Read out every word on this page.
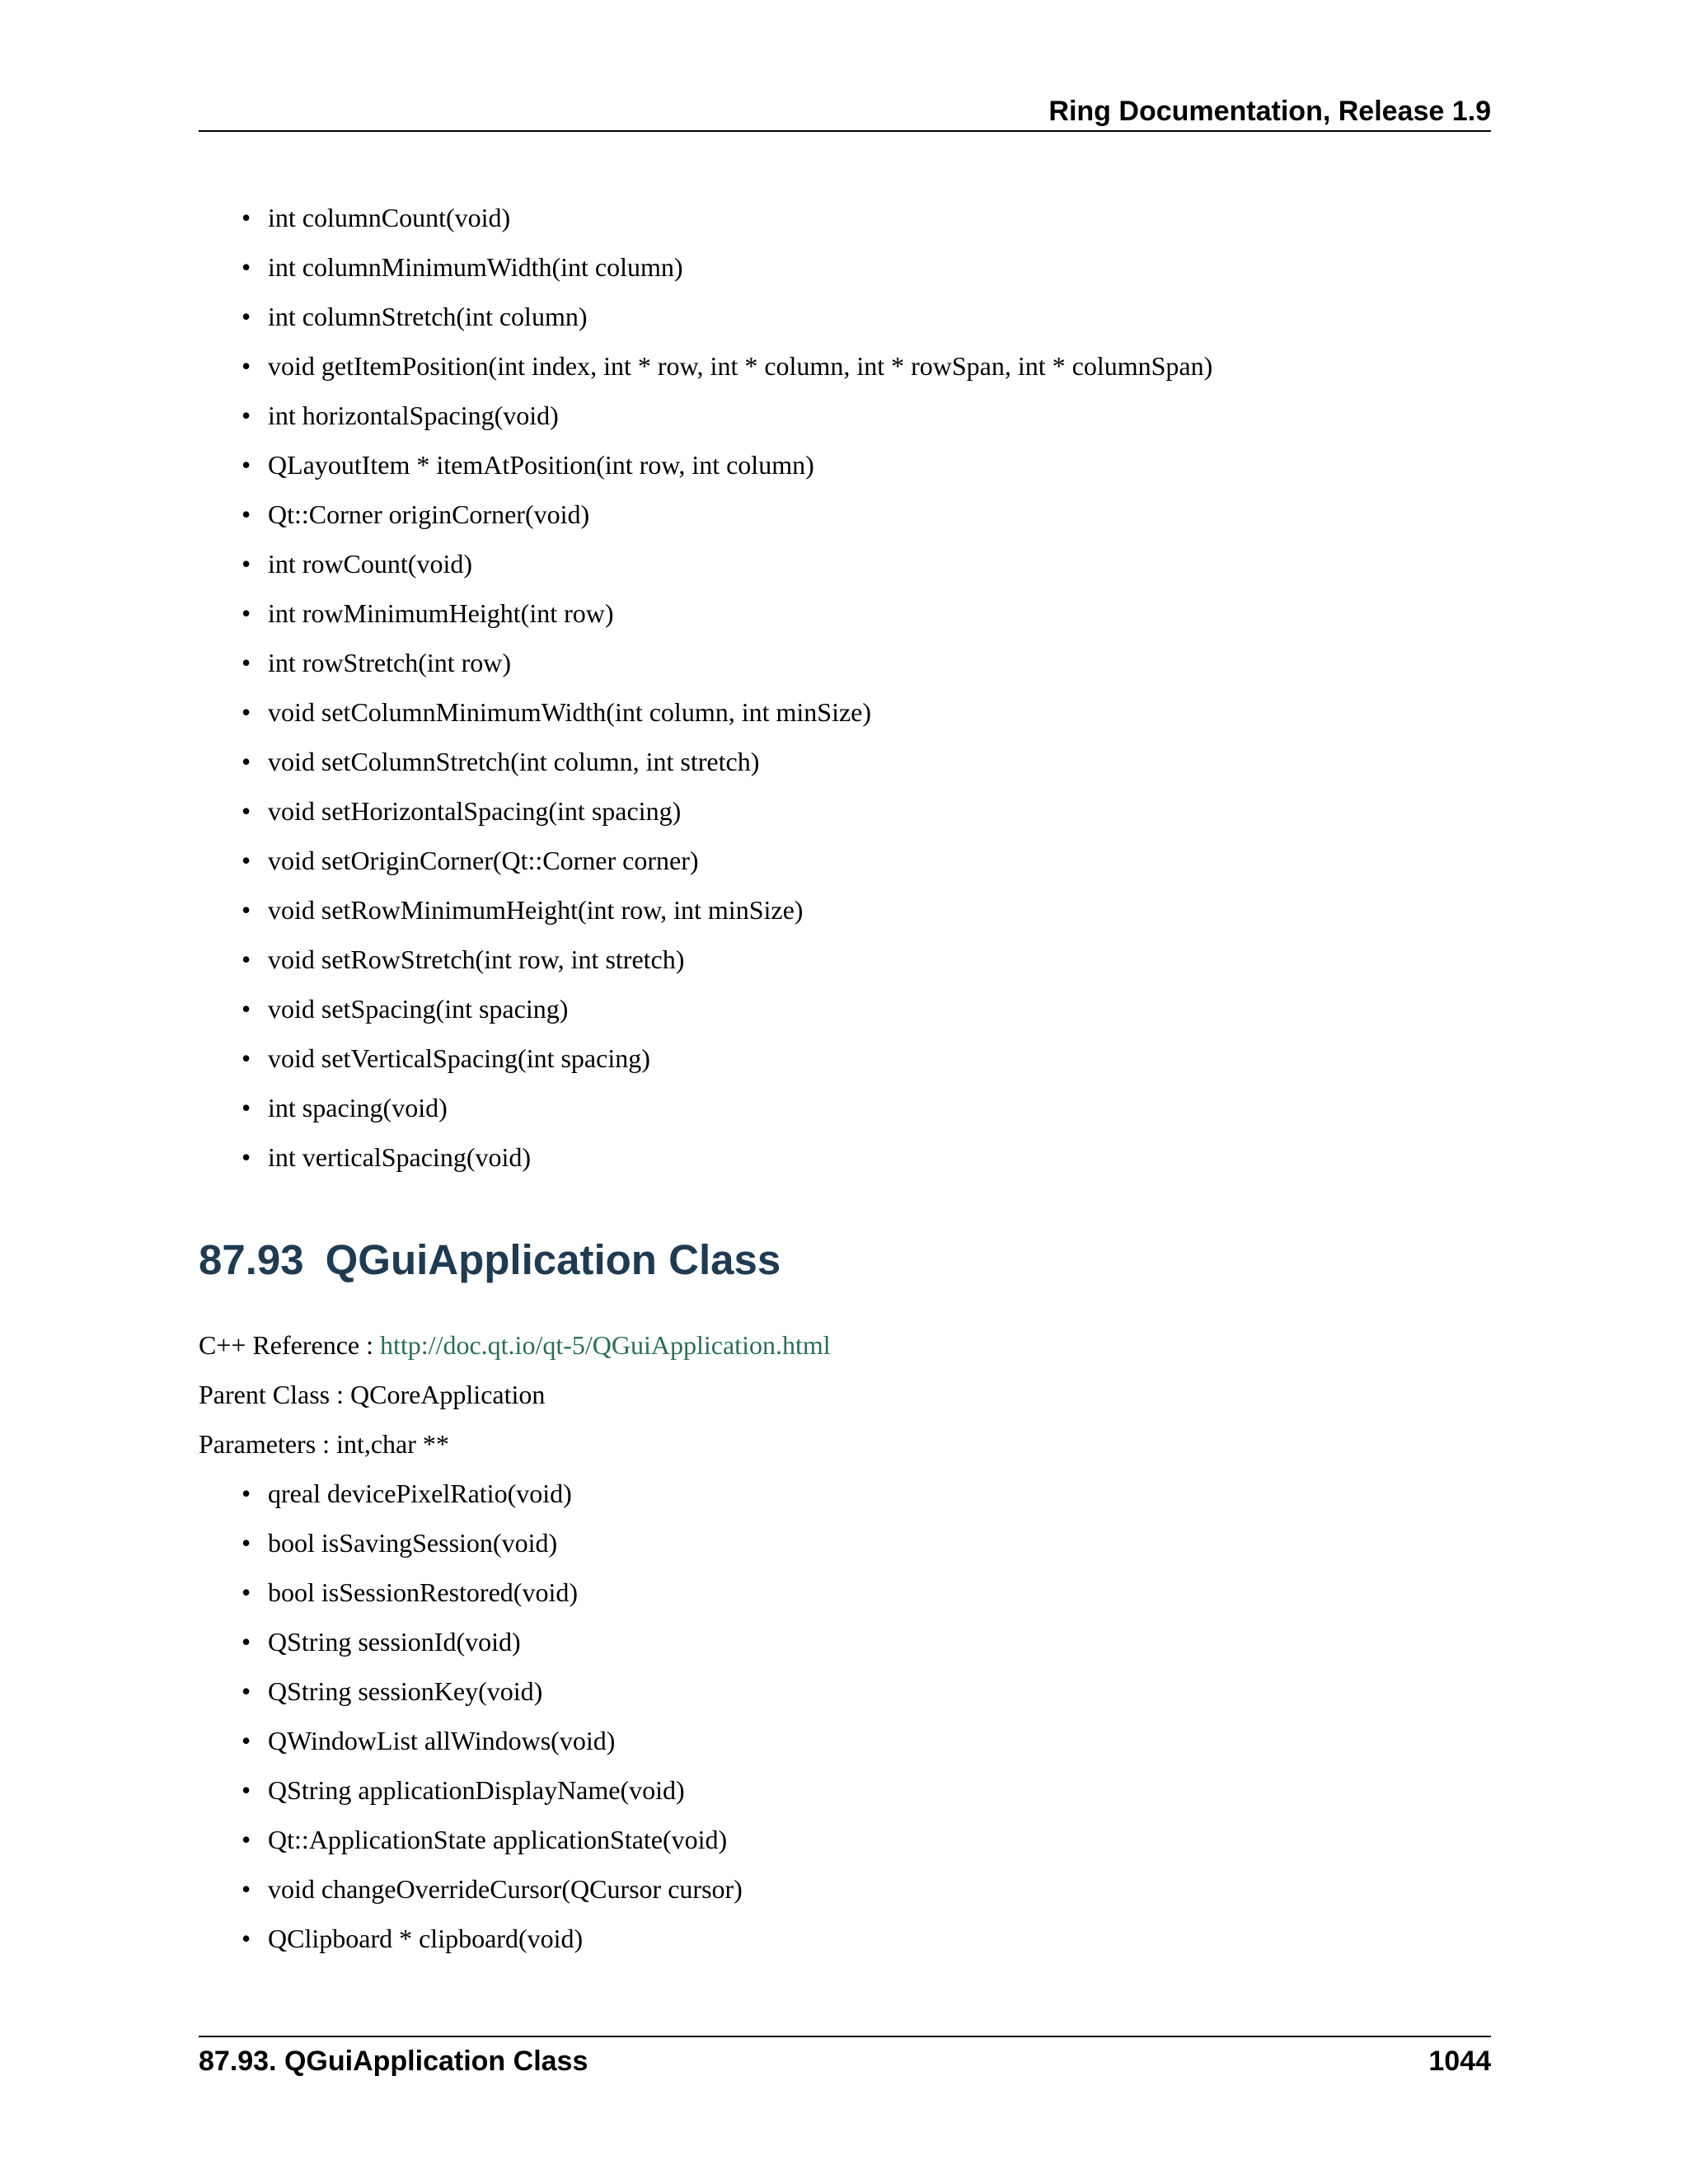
Ring Documentation, Release 1.9
• int columnCount(void)
• int columnMinimumWidth(int column)
• int columnStretch(int column)
• void getItemPosition(int index, int * row, int * column, int * rowSpan, int * columnSpan)
• int horizontalSpacing(void)
• QLayoutItem * itemAtPosition(int row, int column)
• Qt::Corner originCorner(void)
• int rowCount(void)
• int rowMinimumHeight(int row)
• int rowStretch(int row)
• void setColumnMinimumWidth(int column, int minSize)
• void setColumnStretch(int column, int stretch)
• void setHorizontalSpacing(int spacing)
• void setOriginCorner(Qt::Corner corner)
• void setRowMinimumHeight(int row, int minSize)
• void setRowStretch(int row, int stretch)
• void setSpacing(int spacing)
• void setVerticalSpacing(int spacing)
• int spacing(void)
• int verticalSpacing(void)
87.93 QGuiApplication Class
C++ Reference : http://doc.qt.io/qt-5/QGuiApplication.html
Parent Class : QCoreApplication
Parameters : int,char **
• qreal devicePixelRatio(void)
• bool isSavingSession(void)
• bool isSessionRestored(void)
• QString sessionId(void)
• QString sessionKey(void)
• QWindowList allWindows(void)
• QString applicationDisplayName(void)
• Qt::ApplicationState applicationState(void)
• void changeOverrideCursor(QCursor cursor)
• QClipboard * clipboard(void)
87.93. QGuiApplication Class	1044
